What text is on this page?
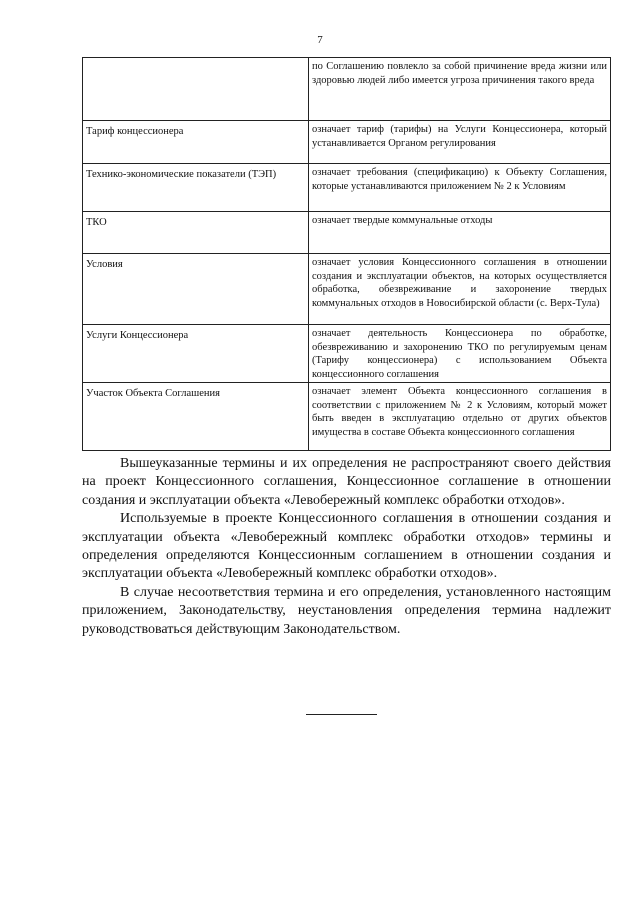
7
	по Соглашению повлекло за собой причинение вреда жизни или здоровью людей либо имеется угроза причинения такого вреда
Тариф концессионера	означает тариф (тарифы) на Услуги Концессионера, который устанавливается Органом регулирования
Технико-экономические показатели (ТЭП)	означает требования (спецификацию) к Объекту Соглашения, которые устанавливаются приложением № 2 к Условиям
ТКО	означает твердые коммунальные отходы
Условия	означает условия Концессионного соглашения в отношении создания и эксплуатации объектов, на которых осуществляется обработка, обезвреживание и захоронение твердых коммунальных отходов в Новосибирской области (с. Верх-Тула)
Услуги Концессионера	означает деятельность Концессионера по обработке, обезвреживанию и захоронению ТКО по регулируемым ценам (Тарифу концессионера) с использованием Объекта концессионного соглашения
Участок Объекта Соглашения	означает элемент Объекта концессионного соглашения в соответствии с приложением № 2 к Условиям, который может быть введен в эксплуатацию отдельно от других объектов имущества в составе Объекта концессионного соглашения

Вышеуказанные термины и их определения не распространяют своего действия на проект Концессионного соглашения, Концессионное соглашение в отношении создания и эксплуатации объекта «Левобережный комплекс обработки отходов».

Используемые в проекте Концессионного соглашения в отношении создания и эксплуатации объекта «Левобережный комплекс обработки отходов» термины и определения определяются Концессионным соглашением в отношении создания и эксплуатации объекта «Левобережный комплекс обработки отходов».

В случае несоответствия термина и его определения, установленного настоящим приложением, Законодательству, неустановления определения термина надлежит руководствоваться действующим Законодательством.
